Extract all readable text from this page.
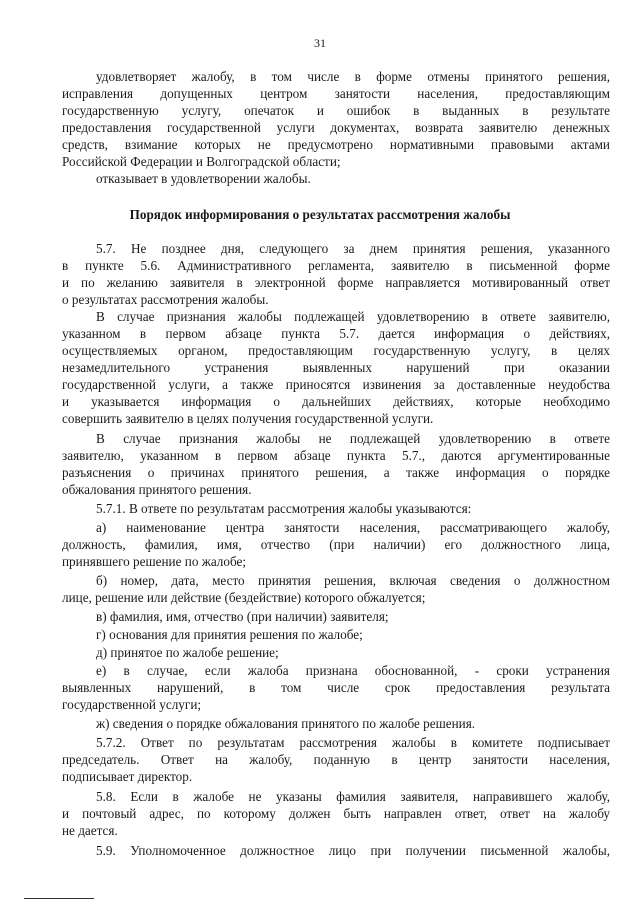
31
удовлетворяет жалобу, в том числе в форме отмены принятого решения,
исправления допущенных центром занятости населения, предоставляющим
государственную услугу, опечаток и ошибок в выданных в результате
предоставления государственной услуги документах, возврата заявителю денежных
средств, взимание которых не предусмотрено нормативными правовыми актами
Российской Федерации и Волгоградской области;
отказывает в удовлетворении жалобы.
Порядок информирования о результатах рассмотрения жалобы
5.7. Не позднее дня, следующего за днем принятия решения, указанного
в пункте 5.6. Административного регламента, заявителю в письменной форме
и по желанию заявителя в электронной форме направляется мотивированный ответ
о результатах рассмотрения жалобы.
В случае признания жалобы подлежащей удовлетворению в ответе заявителю,
указанном в первом абзаце пункта 5.7. дается информация о действиях,
осуществляемых органом, предоставляющим государственную услугу, в целях
незамедлительного устранения выявленных нарушений при оказании
государственной услуги, а также приносятся извинения за доставленные неудобства
и указывается информация о дальнейших действиях, которые необходимо
совершить заявителю в целях получения государственной услуги.
В случае признания жалобы не подлежащей удовлетворению в ответе
заявителю, указанном в первом абзаце пункта 5.7., даются аргументированные
разъяснения о причинах принятого решения, а также информация о порядке
обжалования принятого решения.
5.7.1. В ответе по результатам рассмотрения жалобы указываются:
а) наименование центра занятости населения, рассматривающего жалобу,
должность, фамилия, имя, отчество (при наличии) его должностного лица,
принявшего решение по жалобе;
б) номер, дата, место принятия решения, включая сведения о должностном
лице, решение или действие (бездействие) которого обжалуется;
в) фамилия, имя, отчество (при наличии) заявителя;
г) основания для принятия решения по жалобе;
д) принятое по жалобе решение;
е) в случае, если жалоба признана обоснованной, - сроки устранения
выявленных нарушений, в том числе срок предоставления результата
государственной услуги;
ж) сведения о порядке обжалования принятого по жалобе решения.
5.7.2. Ответ по результатам рассмотрения жалобы в комитете подписывает
председатель. Ответ на жалобу, поданную в центр занятости населения,
подписывает директор.
5.8. Если в жалобе не указаны фамилия заявителя, направившего жалобу,
и почтовый адрес, по которому должен быть направлен ответ, ответ на жалобу
не дается.
5.9. Уполномоченное должностное лицо при получении письменной жалобы,
